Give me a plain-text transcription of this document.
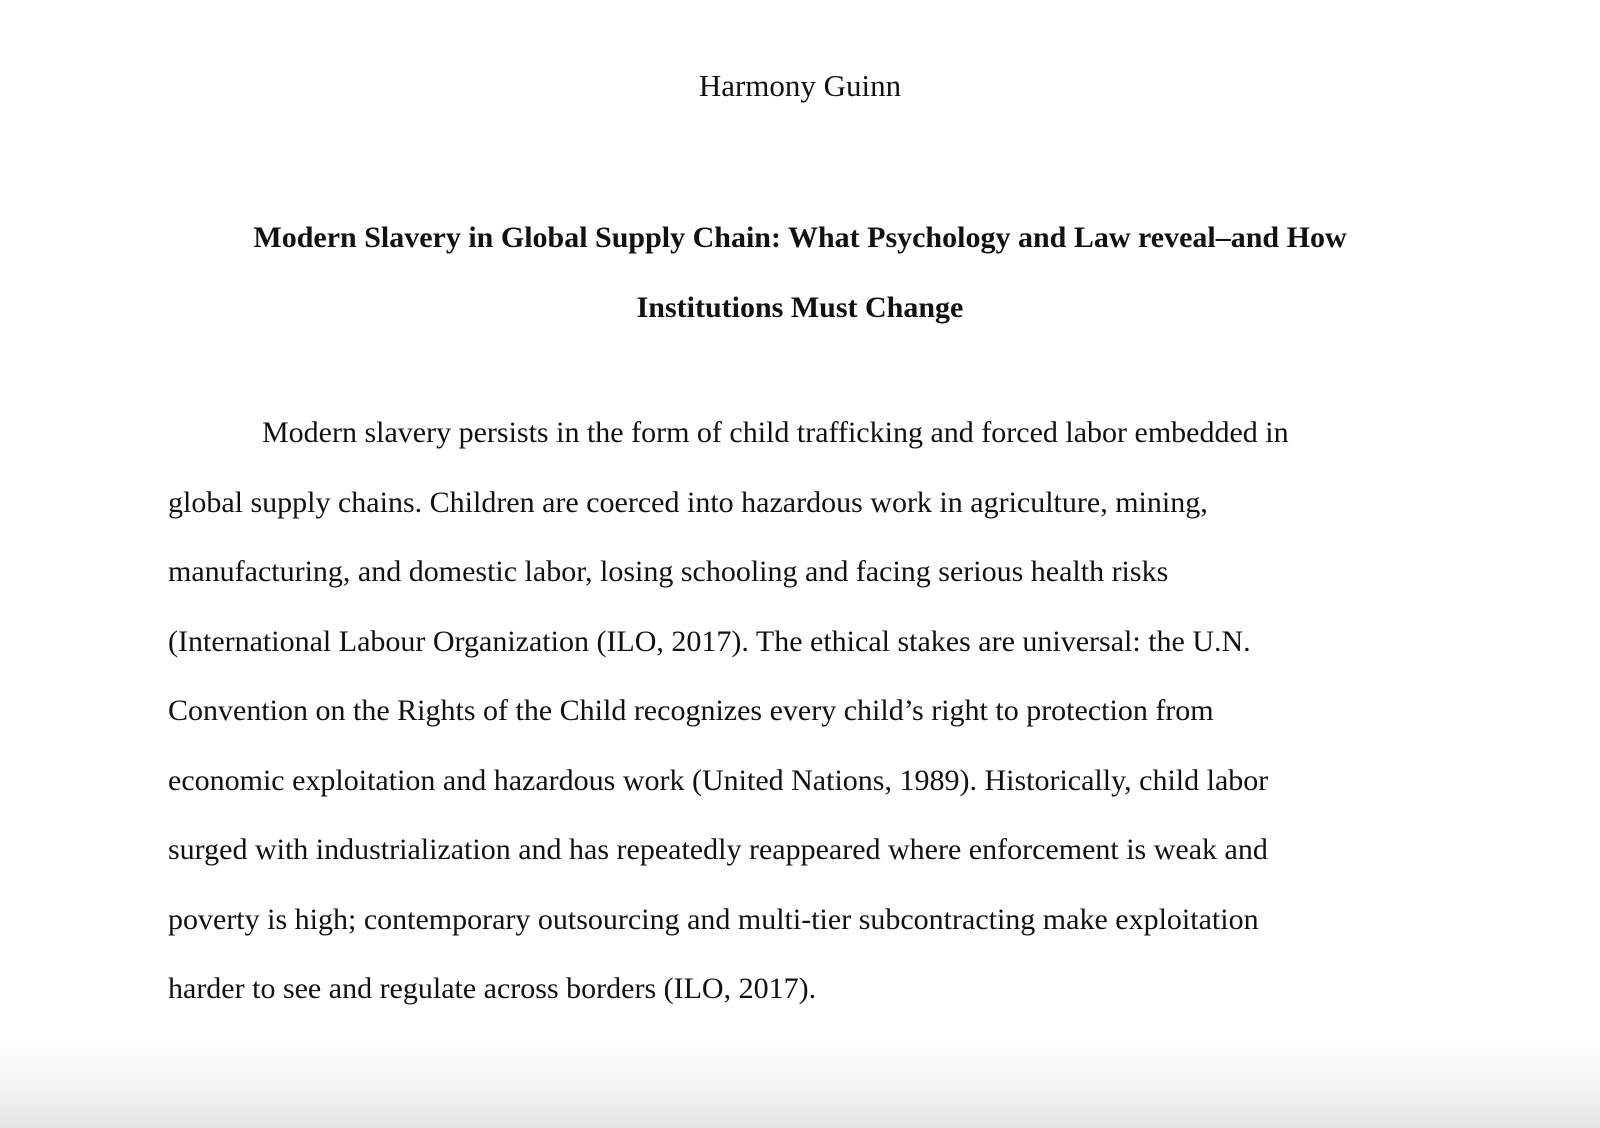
Harmony Guinn
Modern Slavery in Global Supply Chain: What Psychology and Law reveal–and How
Institutions Must Change
Modern slavery persists in the form of child trafficking and forced labor embedded in
global supply chains. Children are coerced into hazardous work in agriculture, mining,
manufacturing, and domestic labor, losing schooling and facing serious health risks
(International Labour Organization (ILO, 2017). The ethical stakes are universal: the U.N.
Convention on the Rights of the Child recognizes every child’s right to protection from
economic exploitation and hazardous work (United Nations, 1989). Historically, child labor
surged with industrialization and has repeatedly reappeared where enforcement is weak and
poverty is high; contemporary outsourcing and multi-tier subcontracting make exploitation
harder to see and regulate across borders (ILO, 2017).
